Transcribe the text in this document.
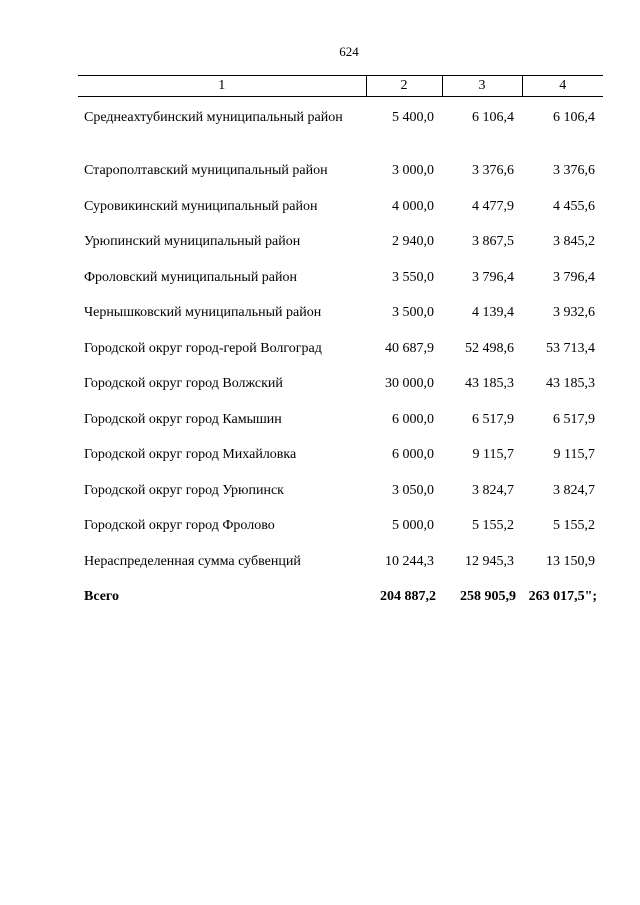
624
1	2	3	4

Среднеахтубинский муниципальный район	5 400,0	6 106,4	6 106,4
Старополтавский муниципальный район	3 000,0	3 376,6	3 376,6
Суровикинский муниципальный район	4 000,0	4 477,9	4 455,6
Урюпинский муниципальный район	2 940,0	3 867,5	3 845,2
Фроловский муниципальный район	3 550,0	3 796,4	3 796,4
Чернышковский муниципальный район	3 500,0	4 139,4	3 932,6
Городской округ город-герой Волгоград	40 687,9	52 498,6	53 713,4
Городской округ город Волжский	30 000,0	43 185,3	43 185,3
Городской округ город Камышин	6 000,0	6 517,9	6 517,9
Городской округ город Михайловка	6 000,0	9 115,7	9 115,7
Городской округ город Урюпинск	3 050,0	3 824,7	3 824,7
Городской округ город Фролово	5 000,0	5 155,2	5 155,2
Нераспределенная сумма субвенций	10 244,3	12 945,3	13 150,9
Всего	204 887,2	258 905,9	263 017,5";
